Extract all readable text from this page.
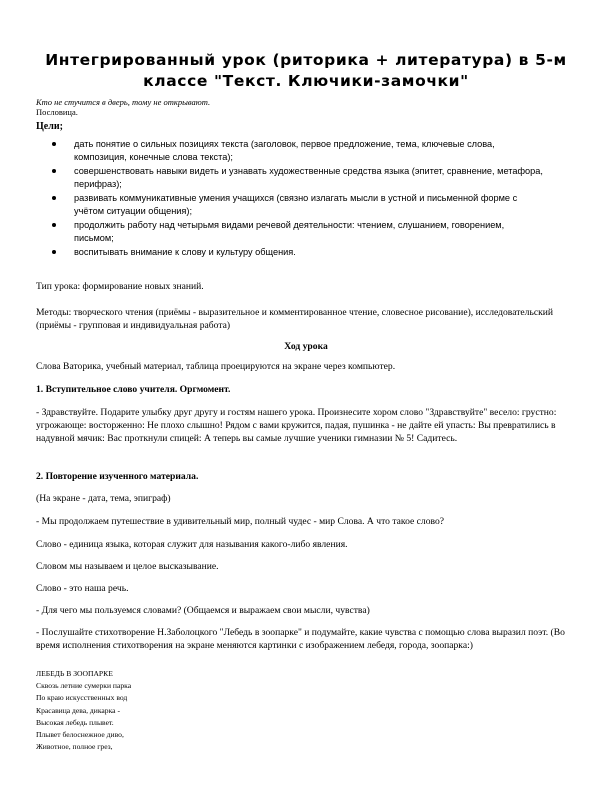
Интегрированный урок (риторика + литература) в 5-м классе "Текст. Ключики-замочки"
Кто не стучится в дверь, тому не открывают.
Пословица.
Цели;
дать понятие о сильных позициях текста (заголовок, первое предложение, тема, ключевые слова, композиция, конечные слова текста);
совершенствовать навыки видеть и узнавать художественные средства языка (эпитет, сравнение, метафора, перифраз);
развивать коммуникативные умения учащихся (связно излагать мысли в устной и письменной форме с учётом ситуации общения);
продолжить работу над четырьмя видами речевой деятельности: чтением, слушанием, говорением, письмом;
воспитывать внимание к слову и культуру общения.

Тип урока: формирование новых знаний.

Методы: творческого чтения (приёмы - выразительное и комментированное чтение, словесное рисование), исследовательский (приёмы - групповая и индивидуальная работа)

Ход урока

Слова Ваторика, учебный материал, таблица проецируются на экране через компьютер.

1. Вступительное слово учителя. Оргмомент.

- Здравствуйте. Подарите улыбку друг другу и гостям нашего урока. Произнесите хором слово "Здравствуйте" весело: грустно: угрожающе: восторженно: Не плохо слышно! Рядом с вами кружится, падая, пушинка - не дайте ей упасть: Вы превратились в надувной мячик: Вас проткнули спицей: А теперь вы самые лучшие ученики гимназии № 5! Садитесь.

2. Повторение изученного материала.

(На экране - дата, тема, эпиграф)

- Мы продолжаем путешествие в удивительный мир, полный чудес - мир Слова. А что такое слово?

Слово - единица языка, которая служит для называния какого-либо явления.

Словом мы называем и целое высказывание.

Слово - это наша речь.

- Для чего мы пользуемся словами? (Общаемся и выражаем свои мысли, чувства)

- Послушайте стихотворение Н.Заболоцкого "Лебедь в зоопарке" и подумайте, какие чувства с помощью слова выразил поэт. (Во время исполнения стихотворения на экране меняются картинки с изображением лебедя, города, зоопарка:)

ЛЕБЕДЬ В ЗООПАРКЕ
Сквозь летние сумерки парка
По краю искусственных вод
Красавица дева, дикарка -
Высокая лебедь плывет.
Плывет белоснежное диво,
Животное, полное грез,
